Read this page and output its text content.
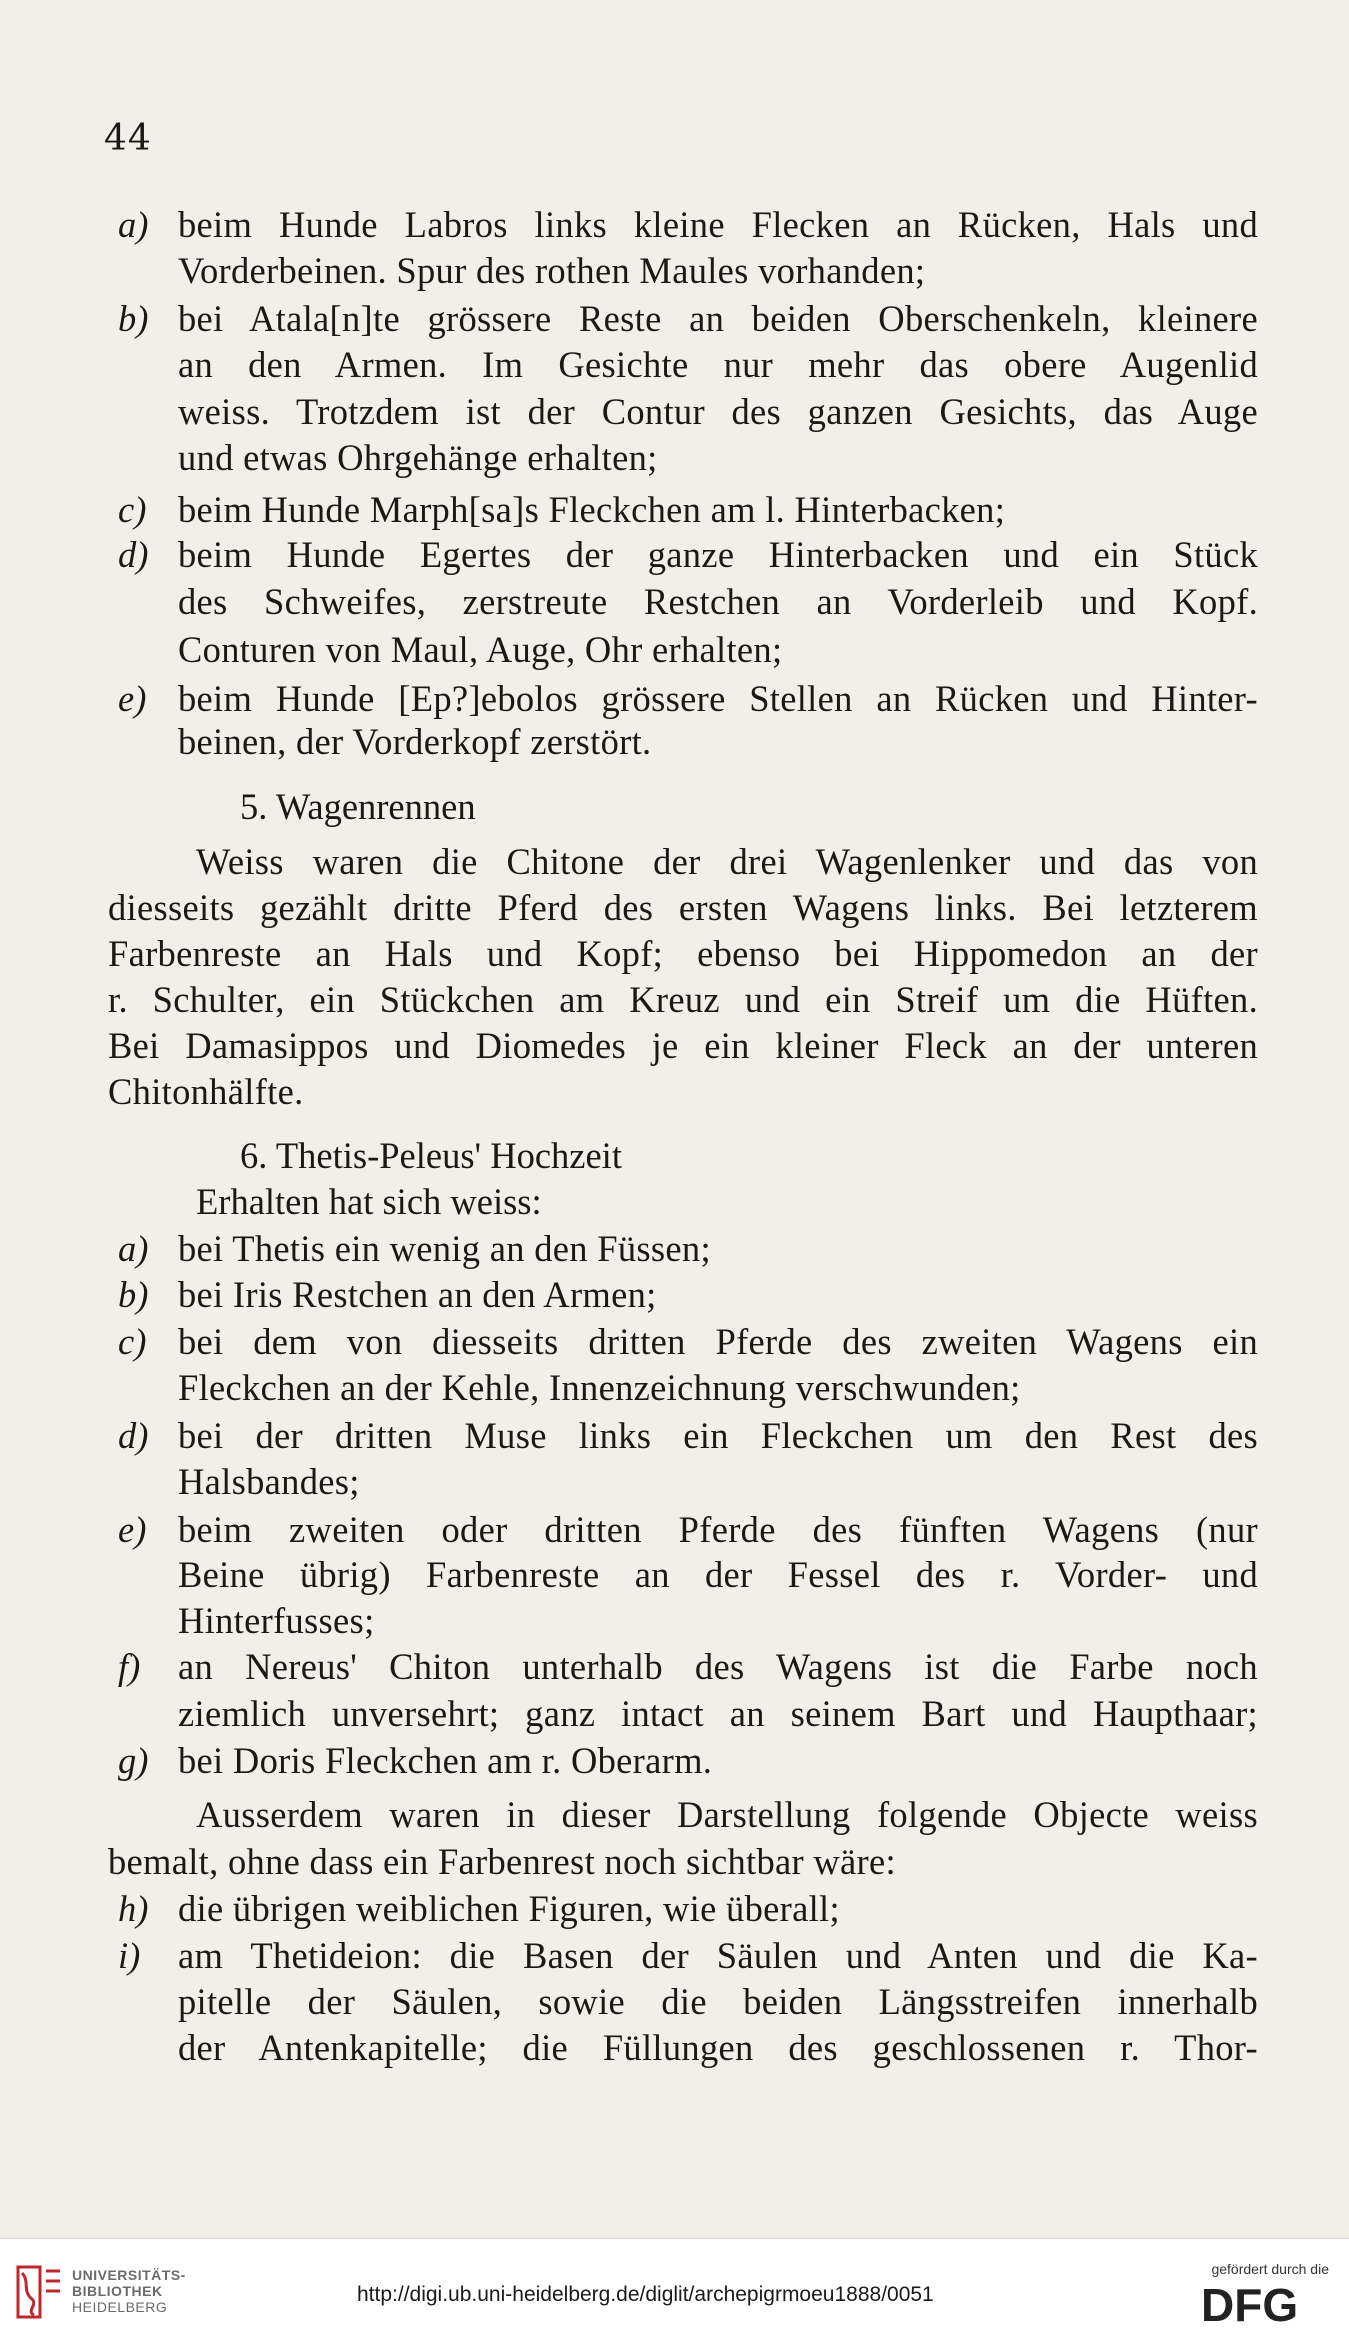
44
a) beim Hunde Labros links kleine Flecken an Rücken, Hals und
Vorderbeinen. Spur des rothen Maules vorhanden;
b) bei Atala[n]te grössere Reste an beiden Oberschenkeln, kleinere
an den Armen. Im Gesichte nur mehr das obere Augenlid
weiss. Trotzdem ist der Contur des ganzen Gesichts, das Auge
und etwas Ohrgehänge erhalten;
c) beim Hunde Marph[sa]s Fleckchen am l. Hinterbacken;
d) beim Hunde Egertes der ganze Hinterbacken und ein Stück
des Schweifes, zerstreute Restchen an Vorderleib und Kopf.
Conturen von Maul, Auge, Ohr erhalten;
e) beim Hunde [Ep?]ebolos grössere Stellen an Rücken und Hinter-
beinen, der Vorderkopf zerstört.
5. Wagenrennen
Weiss waren die Chitone der drei Wagenlenker und das von
diesseits gezählt dritte Pferd des ersten Wagens links. Bei letzterem
Farbenreste an Hals und Kopf; ebenso bei Hippomedon an der
r. Schulter, ein Stückchen am Kreuz und ein Streif um die Hüften.
Bei Damasippos und Diomedes je ein kleiner Fleck an der unteren
Chitonhälfte.
6. Thetis-Peleus' Hochzeit
Erhalten hat sich weiss:
a) bei Thetis ein wenig an den Füssen;
b) bei Iris Restchen an den Armen;
c) bei dem von diesseits dritten Pferde des zweiten Wagens ein
Fleckchen an der Kehle, Innenzeichnung verschwunden;
d) bei der dritten Muse links ein Fleckchen um den Rest des
Halsbandes;
e) beim zweiten oder dritten Pferde des fünften Wagens (nur
Beine übrig) Farbenreste an der Fessel des r. Vorder- und
Hinterfusses;
f)	an Nereus' Chiton unterhalb des Wagens ist die Farbe noch
ziemlich unversehrt; ganz intact an seinem Bart und Haupthaar;
g) bei Doris Fleckchen am r. Oberarm.
Ausserdem waren in dieser Darstellung folgende Objecte weiss
bemalt, ohne dass ein Farbenrest noch sichtbar wäre:
h) die übrigen weiblichen Figuren, wie überall;
i)	am Thetideion: die Basen der Säulen und Anten und die Ka-
pitelle der Säulen, sowie die beiden Längsstreifen innerhalb
der Antenkapitelle; die Füllungen des geschlossenen r. Thor-
UNIVERSITÄTS-
BIBLIOTHEK
HEIDELBERG
http://digi.ub.uni-heidelberg.de/diglit/archepigrmoeu1888/0051
gefördert durch die
DFG
